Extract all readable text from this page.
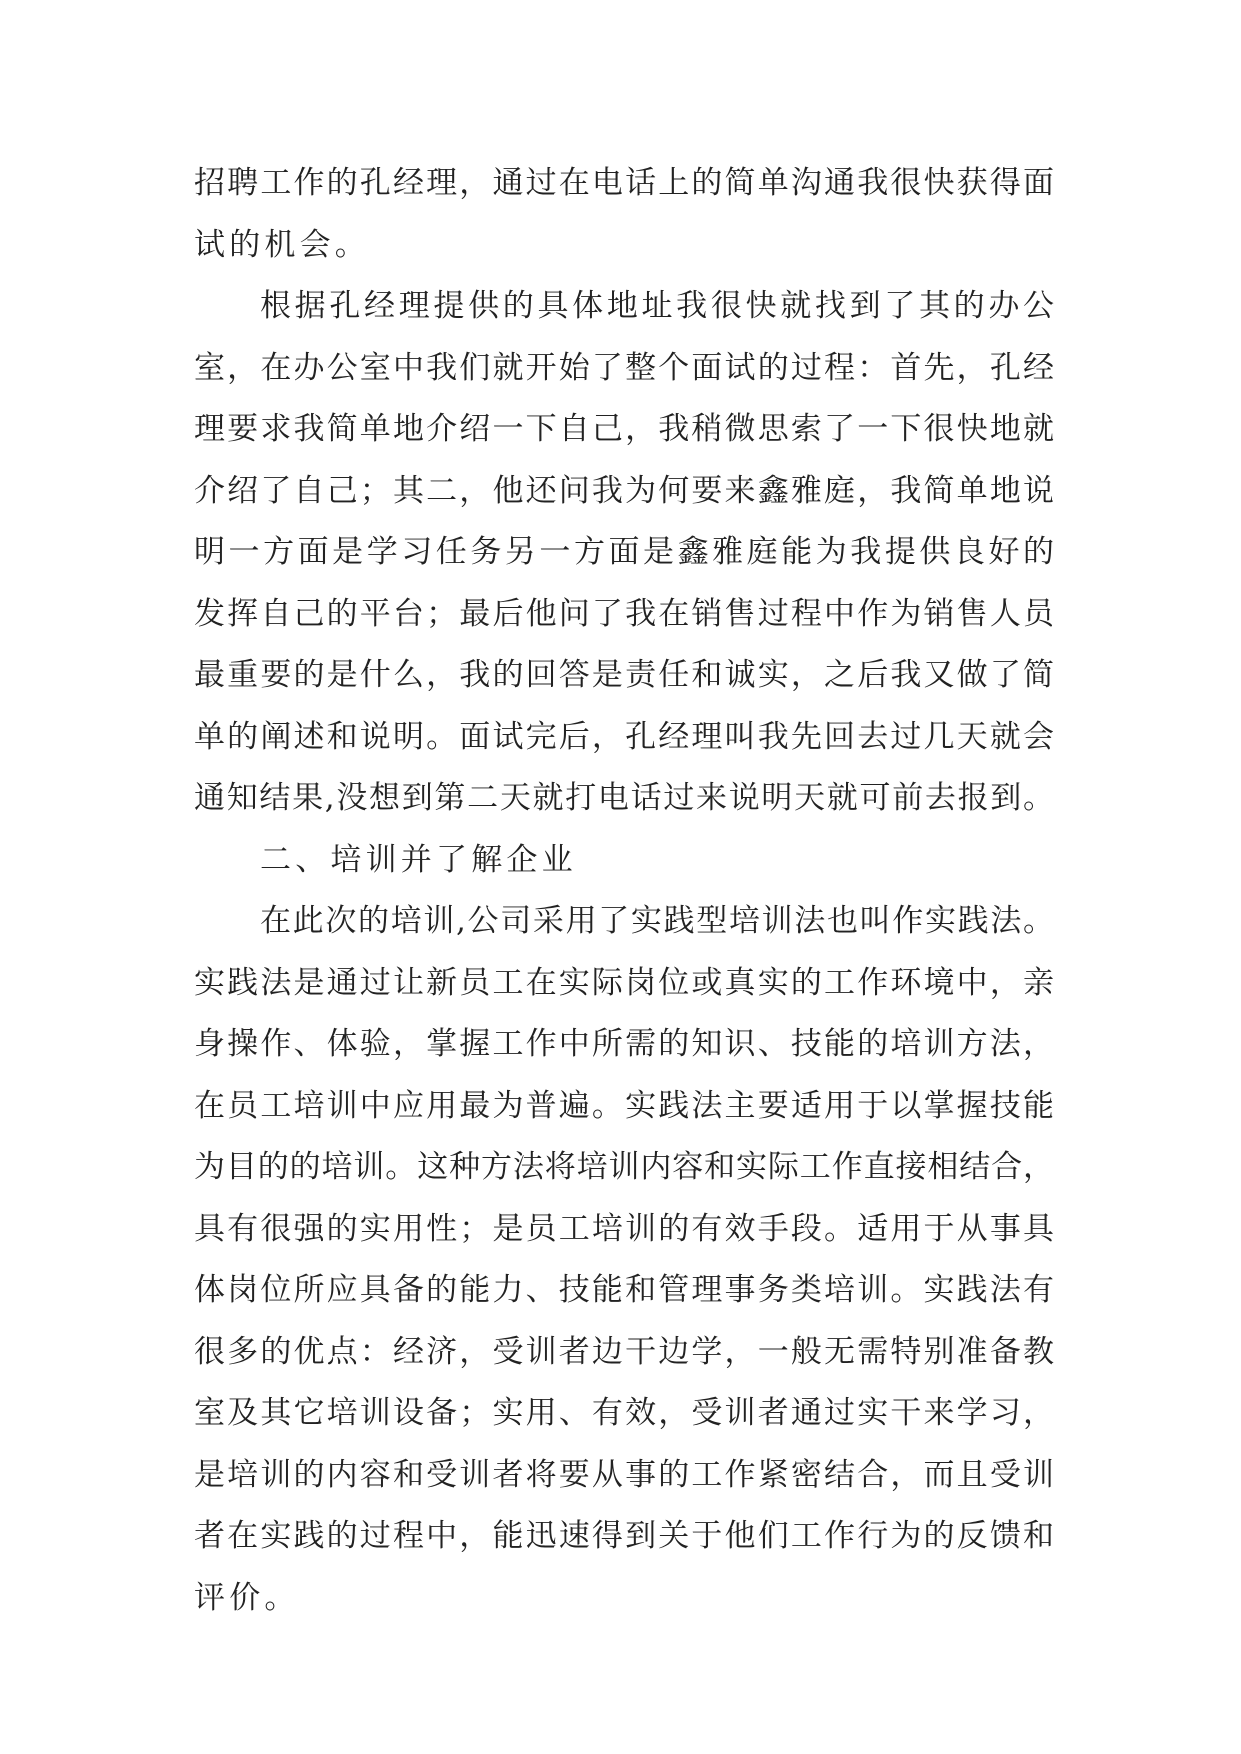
招聘工作的孔经理，通过在电话上的简单沟通我很快获得面
试的机会。
根据孔经理提供的具体地址我很快就找到了其的办公
室，在办公室中我们就开始了整个面试的过程：首先，孔经
理要求我简单地介绍一下自己，我稍微思索了一下很快地就
介绍了自己；其二，他还问我为何要来鑫雅庭，我简单地说
明一方面是学习任务另一方面是鑫雅庭能为我提供良好的
发挥自己的平台；最后他问了我在销售过程中作为销售人员
最重要的是什么，我的回答是责任和诚实，之后我又做了简
单的阐述和说明。面试完后，孔经理叫我先回去过几天就会
通知结果,没想到第二天就打电话过来说明天就可前去报到。
二、培训并了解企业
在此次的培训,公司采用了实践型培训法也叫作实践法。
实践法是通过让新员工在实际岗位或真实的工作环境中，亲
身操作、体验，掌握工作中所需的知识、技能的培训方法，
在员工培训中应用最为普遍。实践法主要适用于以掌握技能
为目的的培训。这种方法将培训内容和实际工作直接相结合，
具有很强的实用性；是员工培训的有效手段。适用于从事具
体岗位所应具备的能力、技能和管理事务类培训。实践法有
很多的优点：经济，受训者边干边学，一般无需特别准备教
室及其它培训设备；实用、有效，受训者通过实干来学习，
是培训的内容和受训者将要从事的工作紧密结合，而且受训
者在实践的过程中，能迅速得到关于他们工作行为的反馈和
评价。
